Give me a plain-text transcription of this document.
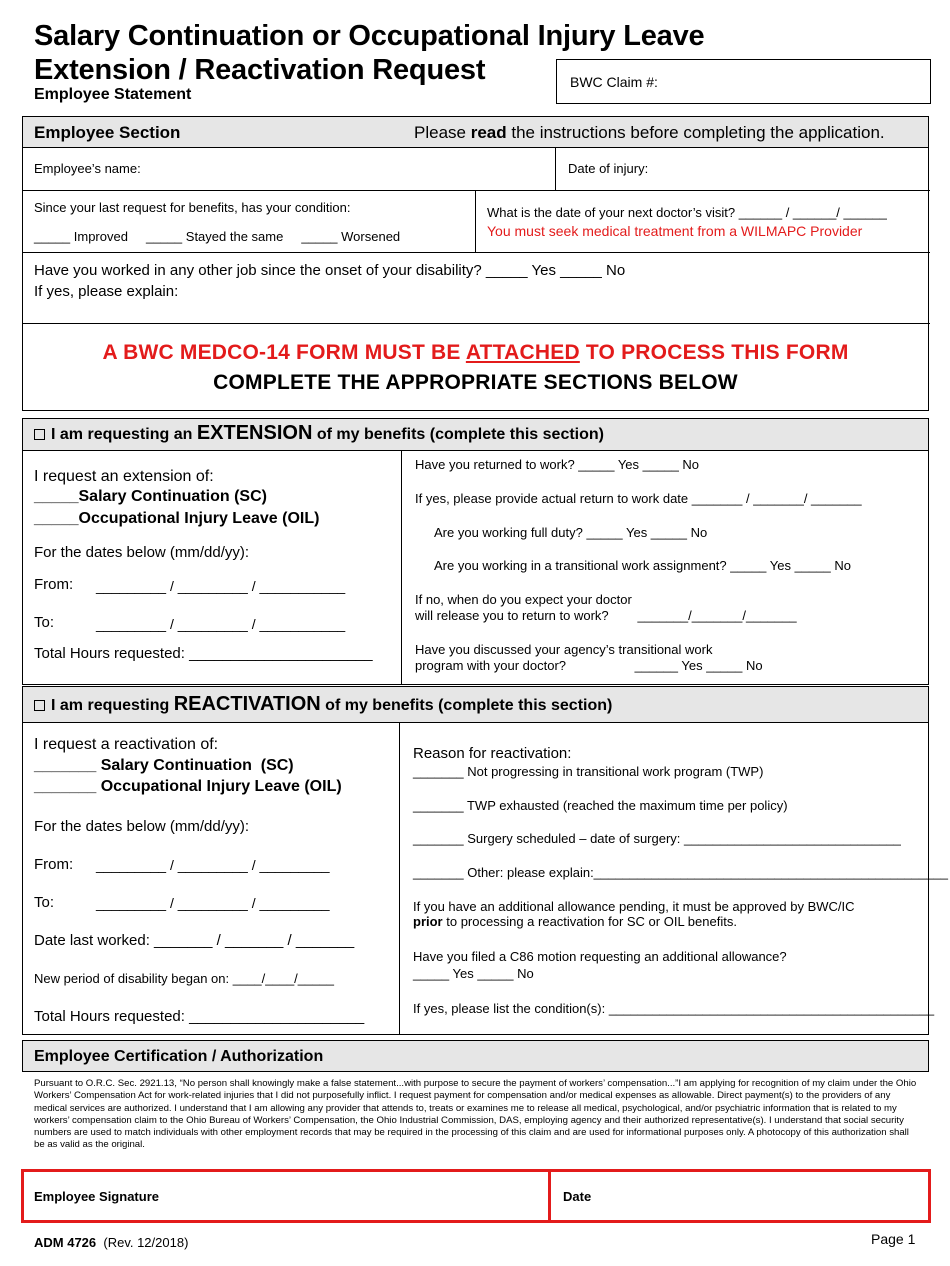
Salary Continuation or Occupational Injury Leave
Extension / Reactivation Request
Employee Statement
BWC Claim #:
Employee Section	Please read the instructions before completing the application.
Employee’s name:	Date of injury:
Since your last request for benefits, has your condition:
_____ Improved     _____ Stayed the same     _____ Worsened
What is the date of your next doctor’s visit? ______ / ______/ ______
You must seek medical treatment from a WILMAPC Provider
Have you worked in any other job since the onset of your disability? _____ Yes _____ No
If yes, please explain:
A BWC MEDCO-14 FORM MUST BE ATTACHED TO PROCESS THIS FORM
COMPLETE THE APPROPRIATE SECTIONS BELOW
I am requesting an EXTENSION of my benefits (complete this section)
I request an extension of:
_____Salary Continuation (SC)
_____Occupational Injury Leave (OIL)
For the dates below (mm/dd/yy):
From: _________ / _________ / ___________
To:	_________ / _________ / ___________
Total Hours requested: ______________________
Have you returned to work? _____ Yes _____ No
If yes, please provide actual return to work date _______ / _______/ _______
Are you working full duty? _____ Yes _____ No
Are you working in a transitional work assignment? _____ Yes _____ No
If no, when do you expect your doctor
will release you to return to work?        _______/_______/_______
Have you discussed your agency’s transitional work
program with your doctor?                   ______ Yes _____ No
I am requesting REACTIVATION of my benefits (complete this section)
I request a reactivation of:
_______ Salary Continuation  (SC)
_______ Occupational Injury Leave (OIL)
For the dates below (mm/dd/yy):
From: _________ / _________ / _________
To:	_________ / _________ / _________
Date last worked: _______ / _______ / _______
New period of disability began on: ____/____/_____
Total Hours requested: _____________________
Reason for reactivation:
_______ Not progressing in transitional work program (TWP)
_______ TWP exhausted (reached the maximum time per policy)
_______ Surgery scheduled – date of surgery: ______________________________
_______ Other: please explain:_________________________________________________
If you have an additional allowance pending, it must be approved by BWC/IC
prior to processing a reactivation for SC or OIL benefits.
Have you filed a C86 motion requesting an additional allowance?
_____ Yes _____ No
If yes, please list the condition(s): _____________________________________________
Employee Certification / Authorization
Pursuant to O.R.C. Sec. 2921.13, “No person shall knowingly make a false statement...with purpose to secure the payment of workers’ compensation...”I am applying for recognition of my claim under the Ohio Workers’ Compensation Act for work-related injuries that I did not purposefully inflict. I request payment for compensation and/or medical expenses as allowable. Direct payment(s) to the providers of any medical services are authorized. I understand that I am allowing any provider that attends to, treats or examines me to release all medical, psychological, and/or psychiatric information that is related to my workers’ compensation claim to the Ohio Bureau of Workers’ Compensation, the Ohio Industrial Commission, DAS, employing agency and their authorized representative(s). I understand that social security numbers are used to match individuals with other employment records that may be required in the processing of this claim and are used for informational purposes only. A photocopy of this authorization shall be as valid as the original.
Employee Signature	Date
ADM 4726 (Rev. 12/2018)	Page 1
